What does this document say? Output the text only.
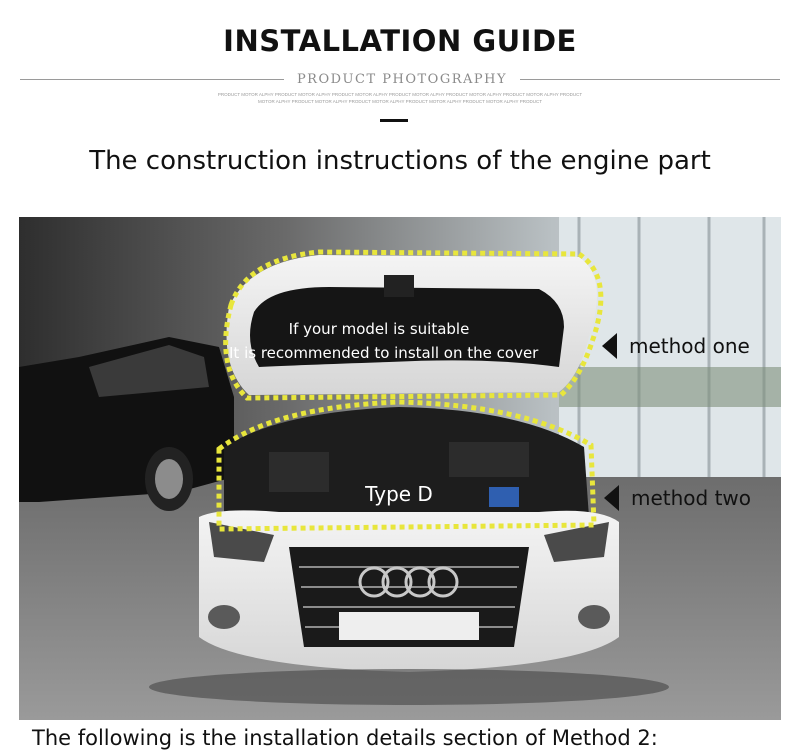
INSTALLATION GUIDE
PRODUCT PHOTOGRAPHY
PRODUCT MOTOR ALPHY PRODUCT MOTOR ALPHY PRODUCT MOTOR ALPHY PRODUCT MOTOR ALPHY PRODUCT MOTOR ALPHY PRODUCT MOTOR ALPHY PRODUCT
MOTOR ALPHY PRODUCT MOTOR ALPHY PRODUCT MOTOR ALPHY PRODUCT MOTOR ALPHY PRODUCT MOTOR ALPHY PRODUCT
The construction instructions of the engine part
If your model is suitable
It is recommended to install on the cover
Type D
method one
method two
The following is the installation details section of Method 2:
